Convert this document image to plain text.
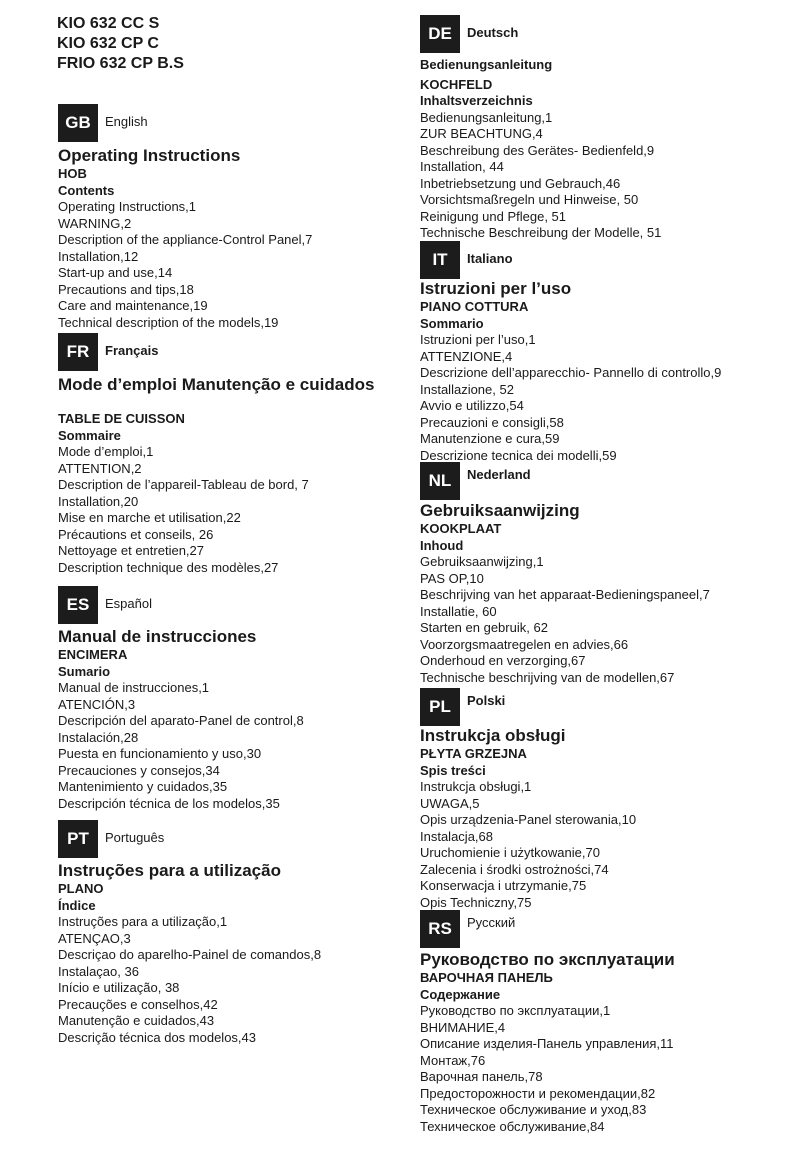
KIO 632 CC S
KIO 632 CP C
FRIO 632 CP B.S
GB	English
Operating Instructions
HOB
Contents
Operating Instructions,1
WARNING,2
Description of the appliance-Control Panel,7
Installation,12
Start-up and use,14
Precautions and tips,18
Care and maintenance,19
Technical description of the models,19
FR	Français
Mode d’emploi Manutenção e cuidados
TABLE DE CUISSON
Sommaire
Mode d’emploi,1
ATTENTION,2
Description de l’appareil-Tableau de bord, 7
Installation,20
Mise en marche et utilisation,22
Précautions et conseils, 26
Nettoyage et entretien,27
Description technique des modèles,27
ES	Español
Manual de instrucciones
ENCIMERA
Sumario
Manual de instrucciones,1
ATENCIÓN,3
Descripción del aparato-Panel de control,8
Instalación,28
Puesta en funcionamiento y uso,30
Precauciones y consejos,34
Mantenimiento y cuidados,35
Descripción técnica de los modelos,35
PT	Português
Instruções para a utilização
PLANO
Índice
Instruções para a utilização,1
ATENÇAO,3
Descriçao do aparelho-Painel de comandos,8
Instalaçao, 36
Início e utilização, 38
Precauções e conselhos,42
Manutenção e cuidados,43
Descrição técnica dos modelos,43
DE	Deutsch
Bedienungsanleitung
KOCHFELD
Inhaltsverzeichnis
Bedienungsanleitung,1
ZUR BEACHTUNG,4
Beschreibung des Gerätes- Bedienfeld,9
Installation, 44
Inbetriebsetzung und Gebrauch,46
Vorsichtsmaßregeln und Hinweise, 50
Reinigung und Pflege, 51
Technische Beschreibung der Modelle, 51
IT	Italiano
Istruzioni per l’uso
PIANO COTTURA
Sommario
Istruzioni per l’uso,1
ATTENZIONE,4
Descrizione dell’apparecchio- Pannello di controllo,9
Installazione, 52
Avvio e utilizzo,54
Precauzioni e consigli,58
Manutenzione e cura,59
Descrizione tecnica dei modelli,59
NL	Nederland
Gebruiksaanwijzing
KOOKPLAAT
Inhoud
Gebruiksaanwijzing,1
PAS OP,10
Beschrijving van het apparaat-Bedieningspaneel,7
Installatie, 60
Starten en gebruik, 62
Voorzorgsmaatregelen en advies,66
Onderhoud en verzorging,67
Technische beschrijving van de modellen,67
PL	Polski
Instrukcja obsługi
PŁYTA GRZEJNA
Spis treści
Instrukcja obsługi,1
UWAGA,5
Opis urządzenia-Panel sterowania,10
Instalacja,68
Uruchomienie i użytkowanie,70
Zalecenia i środki ostrożności,74
Konserwacja i utrzymanie,75
Opis Techniczny,75
RS	Русский
Руководство по эксплуатации
ВАРОЧНАЯ ПАНЕЛЬ
Содержание
Руководство по эксплуатации,1
ВНИМАНИЕ,4
Описание изделия-Панель управления,11
Монтаж,76
Варочная панель,78
Предосторожности и рекомендации,82
Техническое обслуживание и уход,83
Техническое обслуживание,84
